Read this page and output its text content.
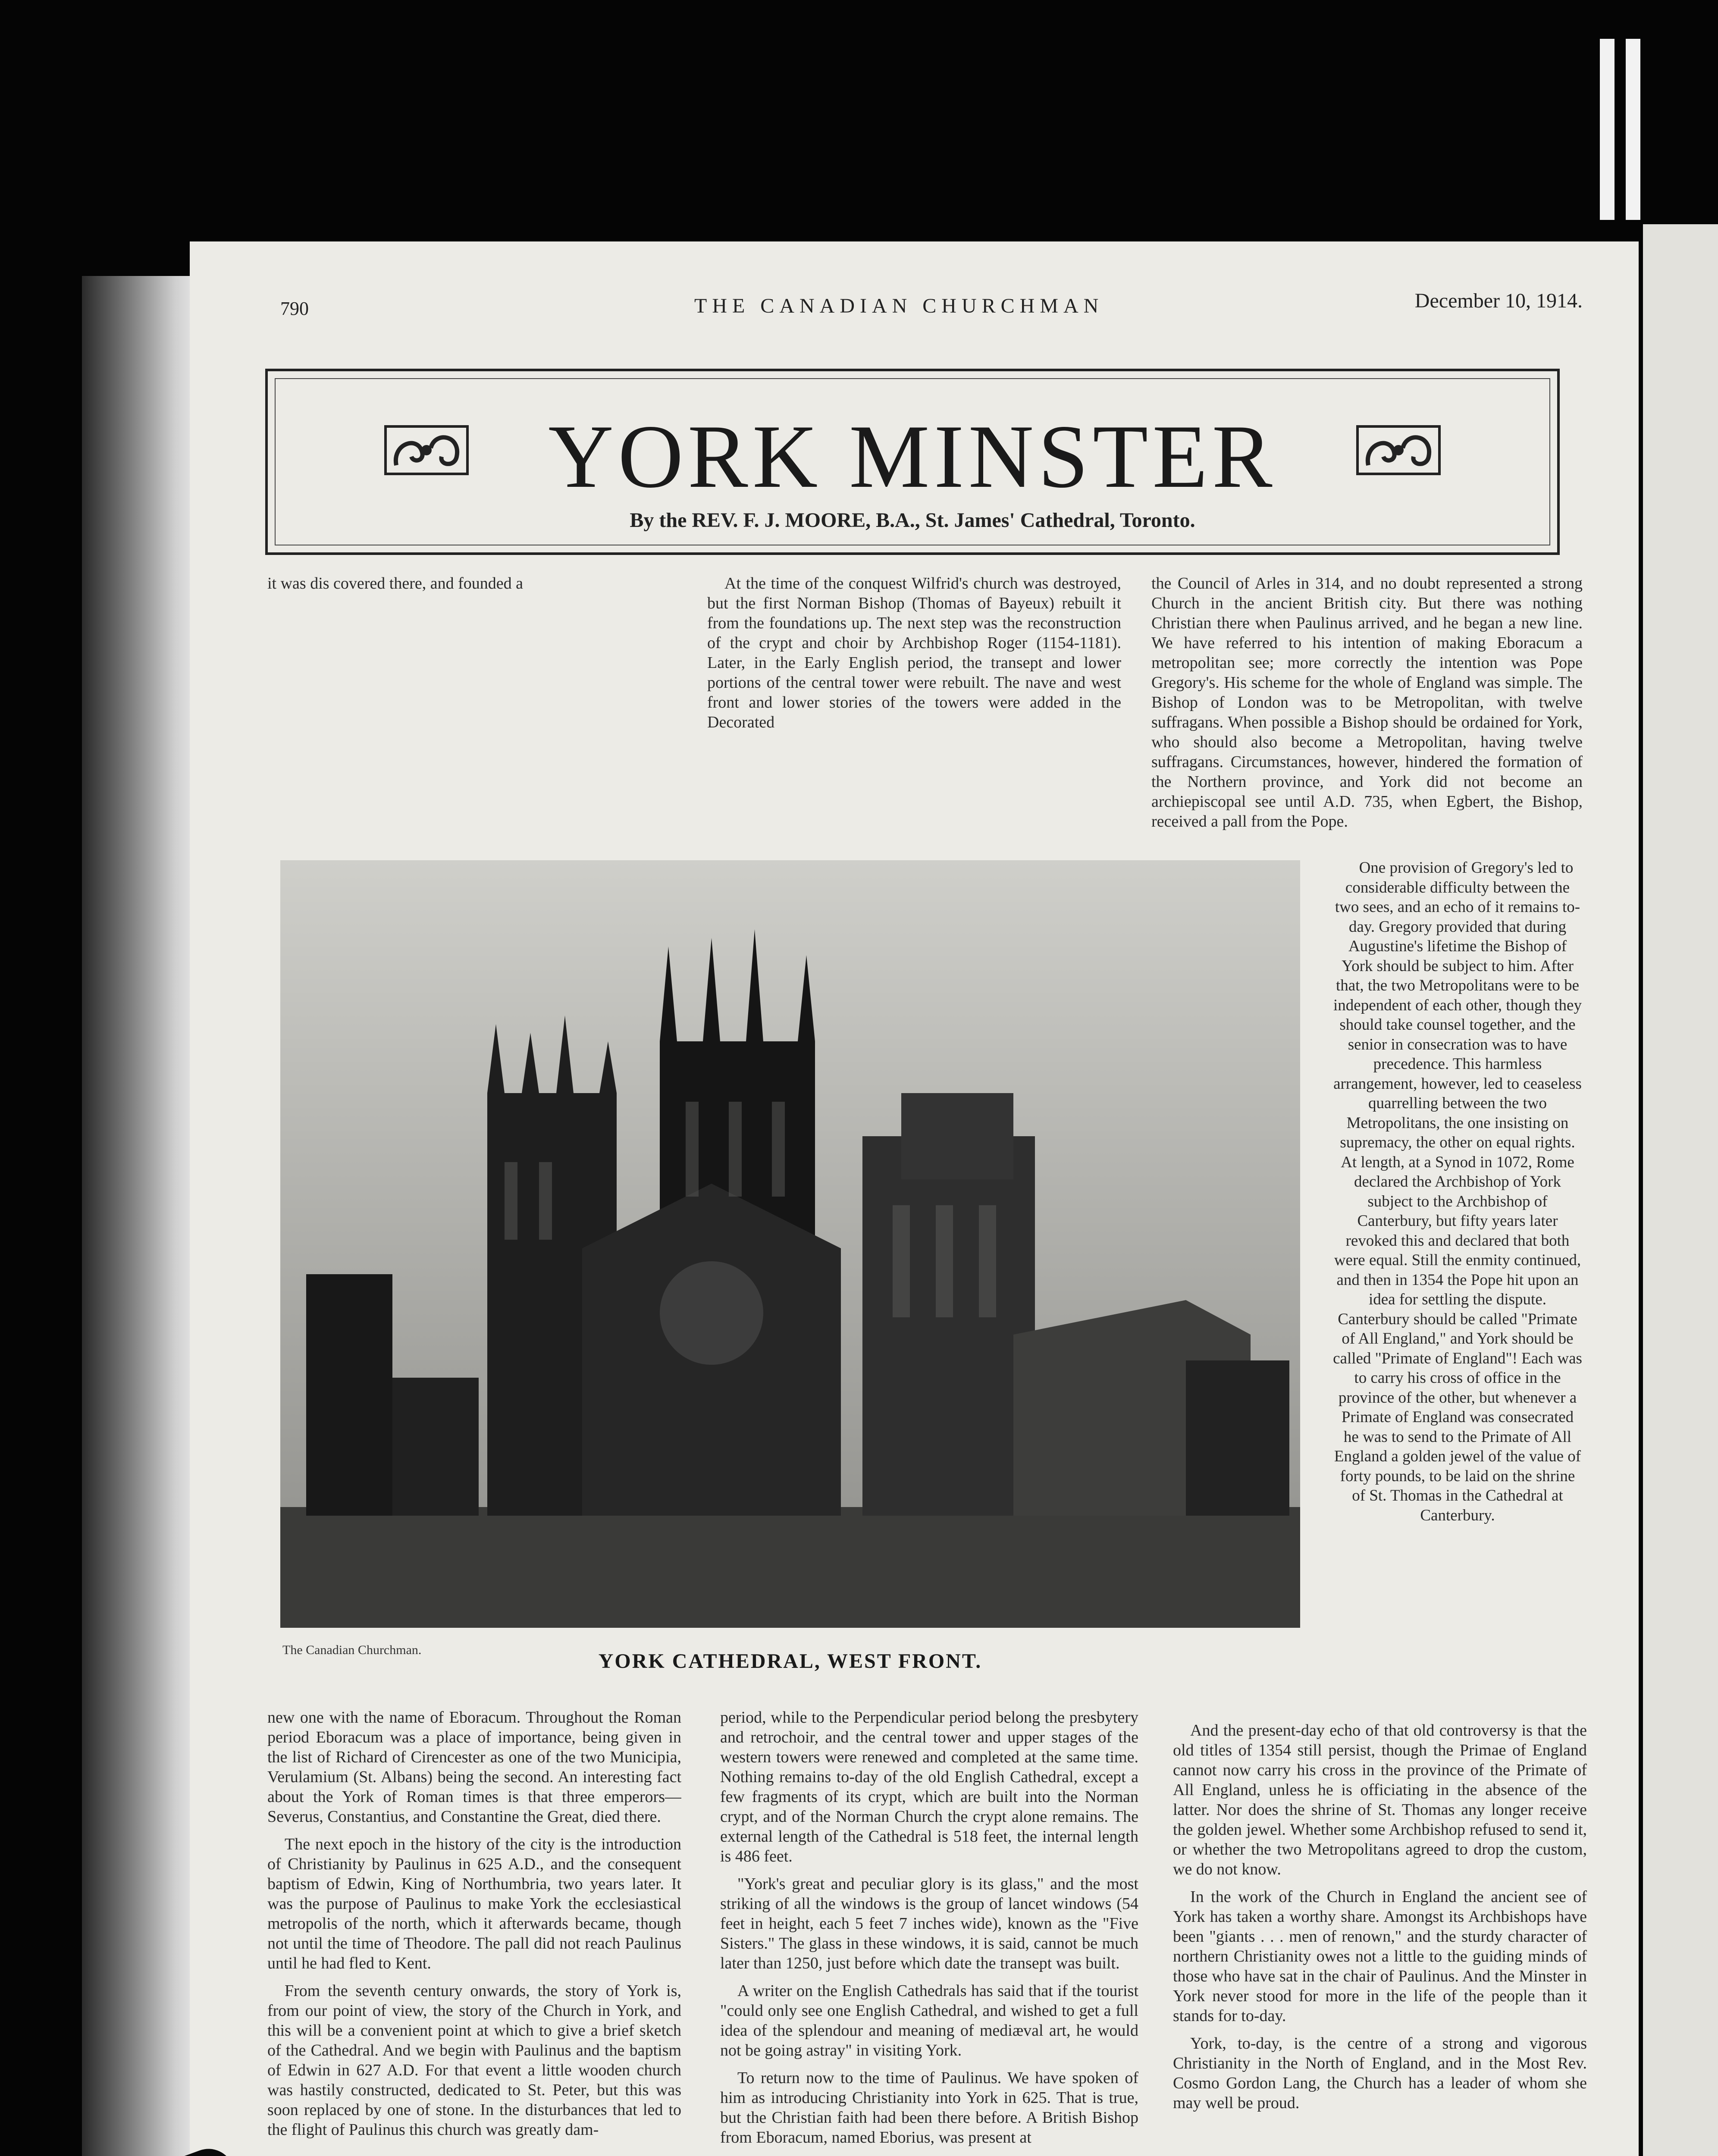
790	THE CANADIAN CHURCHMAN	December 10, 1914.
YORK MINSTER
By the REV. F. J. MOORE, B.A., St. James' Cathedral, Toronto.

it was dis covered there, and founded a	At the time of the conquest Wilfrid's church was destroyed, but the first Norman Bishop (Thomas of Bayeux) rebuilt it from the foundations up. The next step was the reconstruction of the crypt and choir by Archbishop Roger (1154-1181). Later, in the Early English period, the transept and lower portions of the central tower were rebuilt. The nave and west front and lower stories of the towers were added in the Decorated

the Council of Arles in 314, and no doubt represented a strong Church in the ancient British city. But there was nothing Christian there when Paulinus arrived, and he began a new line. We have referred to his intention of making Eboracum a metropolitan see; more correctly the intention was Pope Gregory's. His scheme for the whole of England was simple. The Bishop of London was to be Metropolitan, with twelve suffragans. When possible a Bishop should be ordained for York, who should also become a Metropolitan, having twelve suffragans. Circumstances, however, hindered the formation of the Northern province, and York did not become an archiepiscopal see until A.D. 735, when Egbert, the Bishop, received a pall from the Pope.

The Canadian Churchman.	YORK CATHEDRAL, WEST FRONT.

One provision of Gregory's led to considerable difficulty between the two sees, and an echo of it remains to-day. Gregory provided that during Augustine's lifetime the Bishop of York should be subject to him. After that, the two Metropolitans were to be independent of each other, though they should take counsel together, and the senior in consecration was to have precedence. This harmless arrangement, however, led to ceaseless quarrelling between the two Metropolitans, the one insisting on supremacy, the other on equal rights. At length, at a Synod in 1072, Rome declared the Archbishop of York subject to the Archbishop of Canterbury, but fifty years later revoked this and declared that both were equal. Still the enmity continued, and then in 1354 the Pope hit upon an idea for settling the dispute. Canterbury should be called "Primate of All England," and York should be called "Primate of England"! Each was to carry his cross of office in the province of the other, but whenever a Primate of England was consecrated he was to send to the Primate of All England a golden jewel of the value of forty pounds, to be laid on the shrine of St. Thomas in the Cathedral at Canterbury.

new one with the name of Eboracum. Throughout the Roman period Eboracum was a place of importance, being given in the list of Richard of Cirencester as one of the two Municipia, Verulamium (St. Albans) being the second. An interesting fact about the York of Roman times is that three emperors—Severus, Constantius, and Constantine the Great, died there.

The next epoch in the history of the city is the introduction of Christianity by Paulinus in 625 A.D., and the consequent baptism of Edwin, King of Northumbria, two years later. It was the purpose of Paulinus to make York the ecclesiastical metropolis of the north, which it afterwards became, though not until the time of Theodore. The pall did not reach Paulinus until he had fled to Kent.

From the seventh century onwards, the story of York is, from our point of view, the story of the Church in York, and this will be a convenient point at which to give a brief sketch of the Cathedral. And we begin with Paulinus and the baptism of Edwin in 627 A.D. For that event a little wooden church was hastily constructed, dedicated to St. Peter, but this was soon replaced by one of stone. In the disturbances that led to the flight of Paulinus this church was greatly dam-

period, while to the Perpendicular period belong the presbytery and retrochoir, and the central tower and upper stages of the western towers were renewed and completed at the same time. Nothing remains to-day of the old English Cathedral, except a few fragments of its crypt, which are built into the Norman crypt, and of the Norman Church the crypt alone remains. The external length of the Cathedral is 518 feet, the internal length is 486 feet.

"York's great and peculiar glory is its glass," and the most striking of all the windows is the group of lancet windows (54 feet in height, each 5 feet 7 inches wide), known as the "Five Sisters." The glass in these windows, it is said, cannot be much later than 1250, just before which date the transept was built.

A writer on the English Cathedrals has said that if the tourist "could only see one English Cathedral, and wished to get a full idea of the splendour and meaning of mediæval art, he would not be going astray" in visiting York.

To return now to the time of Paulinus. We have spoken of him as introducing Christianity into York in 625. That is true, but the Christian faith had been there before. A British Bishop from Eboracum, named Eborius, was present at

And the present-day echo of that old controversy is that the old titles of 1354 still persist, though the Primae of England cannot now carry his cross in the province of the Primate of All England, unless he is officiating in the absence of the latter. Nor does the shrine of St. Thomas any longer receive the golden jewel. Whether some Archbishop refused to send it, or whether the two Metropolitans agreed to drop the custom, we do not know.

In the work of the Church in England the ancient see of York has taken a worthy share. Amongst its Archbishops have been "giants . . . men of renown," and the sturdy character of northern Christianity owes not a little to the guiding minds of those who have sat in the chair of Paulinus. And the Minster in York never stood for more in the life of the people than it stands for to-day.

York, to-day, is the centre of a strong and vigorous Christianity in the North of England, and in the Most Rev. Cosmo Gordon Lang, the Church has a leader of whom she may well be proud.
